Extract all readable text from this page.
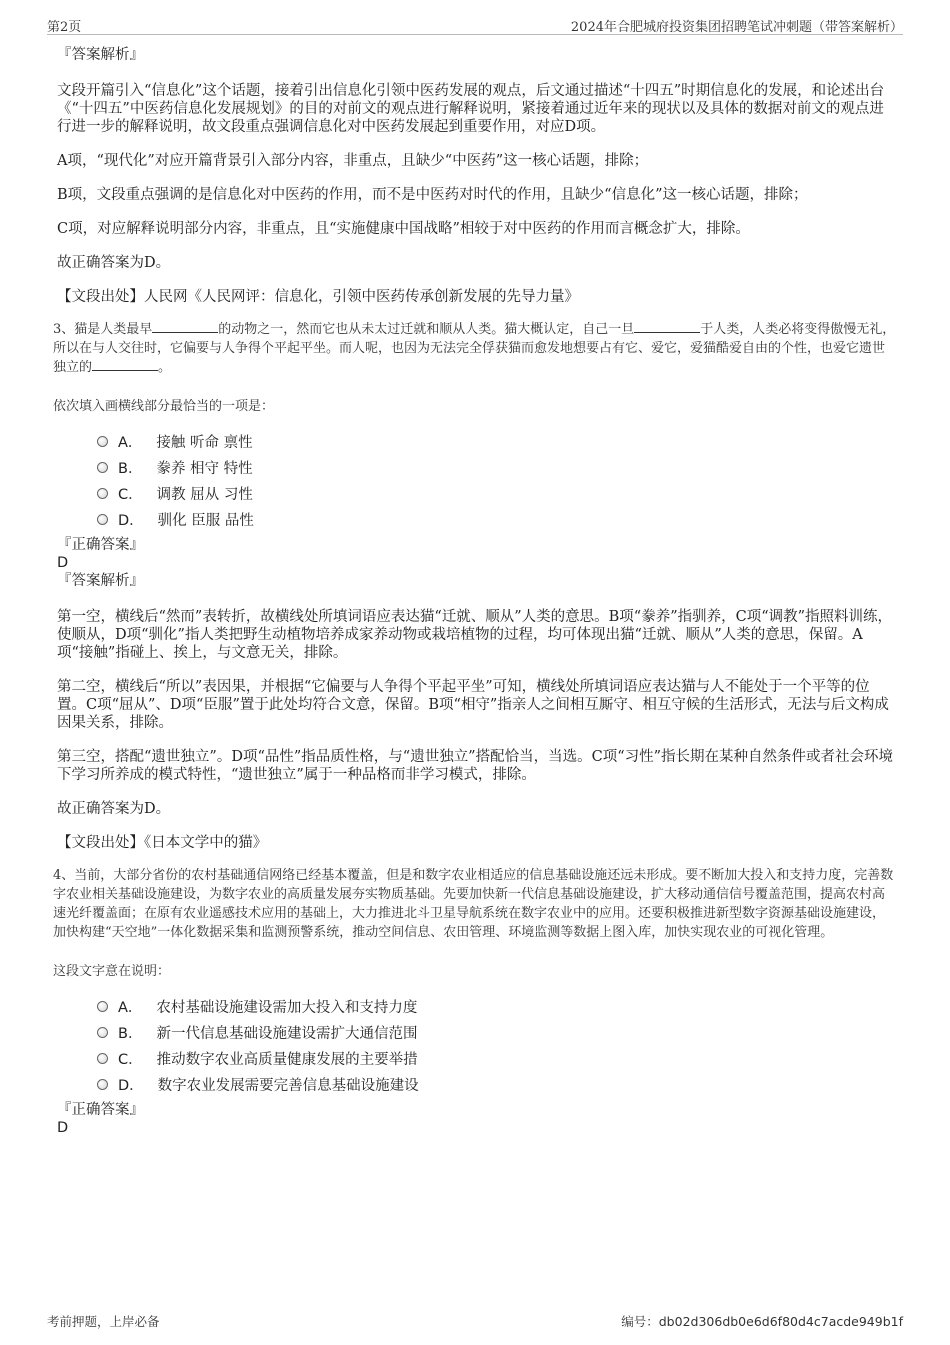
第2页	2024年合肥城府投资集团招聘笔试冲刺题（带答案解析）

『答案解析』

文段开篇引入“信息化”这个话题，接着引出信息化引领中医药发展的观点，后文通过描述“十四五”时期信息化的发展，和论述出台《“十四五”中医药信息化发展规划》的目的对前文的观点进行解释说明，紧接着通过近年来的现状以及具体的数据对前文的观点进行进一步的解释说明，故文段重点强调信息化对中医药发展起到重要作用，对应D项。

A项，“现代化”对应开篇背景引入部分内容，非重点，且缺少“中医药”这一核心话题，排除；

B项，文段重点强调的是信息化对中医药的作用，而不是中医药对时代的作用，且缺少“信息化”这一核心话题，排除；

C项，对应解释说明部分内容，非重点，且“实施健康中国战略”相较于对中医药的作用而言概念扩大，排除。

故正确答案为D。

【文段出处】人民网《人民网评：信息化，引领中医药传承创新发展的先导力量》

3、猫是人类最早	的动物之一，然而它也从未太过迁就和顺从人类。猫大概认定，自己一旦	于人类，人类必将变得傲慢无礼，所以在与人交往时，它偏要与人争得个平起平坐。而人呢，也因为无法完全俘获猫而愈发地想要占有它、爱它，爱猫酷爱自由的个性，也爱它遗世独立的	。

依次填入画横线部分最恰当的一项是：

A． 接触 听命 禀性
B． 豢养 相守 特性
C． 调教 屈从 习性
D． 驯化 臣服 品性

『正确答案』

D

『答案解析』

第一空，横线后“然而”表转折，故横线处所填词语应表达猫“迁就、顺从”人类的意思。B项“豢养”指驯养，C项“调教”指照料训练，使顺从，D项“驯化”指人类把野生动植物培养成家养动物或栽培植物的过程，均可体现出猫“迁就、顺从”人类的意思，保留。A项“接触”指碰上、挨上，与文意无关，排除。

第二空，横线后“所以”表因果，并根据“它偏要与人争得个平起平坐”可知，横线处所填词语应表达猫与人不能处于一个平等的位置。C项“屈从”、D项“臣服”置于此处均符合文意，保留。B项“相守”指亲人之间相互厮守、相互守候的生活形式，无法与后文构成因果关系，排除。

第三空，搭配“遗世独立”。D项“品性”指品质性格，与“遗世独立”搭配恰当，当选。C项“习性”指长期在某种自然条件或者社会环境下学习所养成的模式特性，“遗世独立”属于一种品格而非学习模式，排除。

故正确答案为D。

【文段出处】《日本文学中的猫》

4、当前，大部分省份的农村基础通信网络已经基本覆盖，但是和数字农业相适应的信息基础设施还远未形成。要不断加大投入和支持力度，完善数字农业相关基础设施建设，为数字农业的高质量发展夯实物质基础。先要加快新一代信息基础设施建设，扩大移动通信信号覆盖范围，提高农村高速光纤覆盖面；在原有农业遥感技术应用的基础上，大力推进北斗卫星导航系统在数字农业中的应用。还要积极推进新型数字资源基础设施建设，加快构建“天空地”一体化数据采集和监测预警系统，推动空间信息、农田管理、环境监测等数据上图入库，加快实现农业的可视化管理。

这段文字意在说明：

A． 农村基础设施建设需加大投入和支持力度
B． 新一代信息基础设施建设需扩大通信范围
C． 推动数字农业高质量健康发展的主要举措
D． 数字农业发展需要完善信息基础设施建设

『正确答案』

D

考前押题，上岸必备	编号：db02d306db0e6d6f80d4c7acde949b1f
